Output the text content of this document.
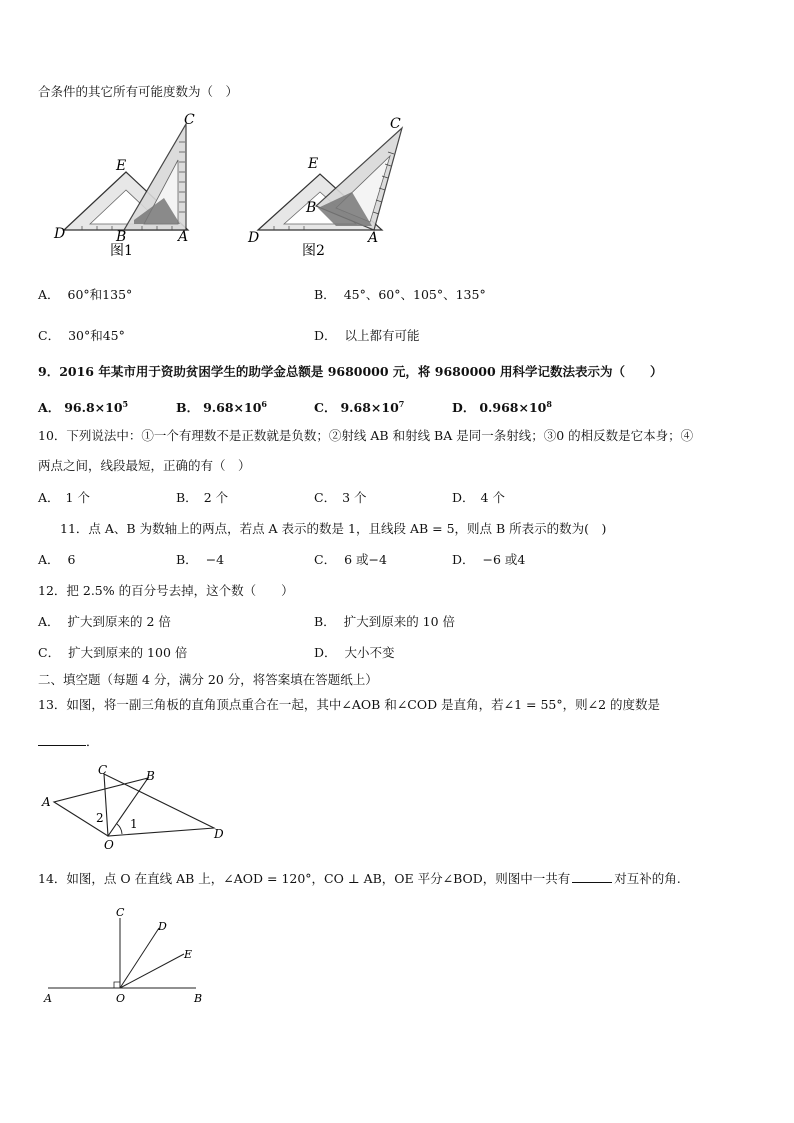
合条件的其它所有可能度数为（　）
C
E
D	B	A
图1
C
E
D
B
A
图2
A． 60°和135°	B． 45°、60°、105°、135°
C． 30°和45°	D． 以上都有可能
9．2016 年某市用于资助贫困学生的助学金总额是 9680000 元，将 9680000 用科学记数法表示为（　　）
A． $96.8\times 10^5$	B． $9.68\times 10^6$	C． $9.68\times 10^7$	D． $0.968\times 10^8$
10．下列说法中：①一个有理数不是正数就是负数；②射线 AB 和射线 BA 是同一条射线；③0 的相反数是它本身；④
两点之间，线段最短，正确的有（　）
A． 1 个	B． 2 个	C． 3 个	D． 4 个
11．点 A、B 为数轴上的两点，若点 A 表示的数是 1，且线段 AB = 5，则点 B 所表示的数为(　)
A． 6	B． −4	C． 6 或−4	D． −6 或4
12．把 2.5% 的百分号去掉，这个数（　　）
A． 扩大到原来的 2 倍	B． 扩大到原来的 10 倍
C． 扩大到原来的 100 倍	D． 大小不变
二、填空题（每题 4 分，满分 20 分，将答案填在答题纸上）
13．如图，将一副三角板的直角顶点重合在一起，其中∠AOB 和∠COD 是直角，若∠1 = 55°，则∠2 的度数是
．
C	B
A
D
O
2 1
14．如图，点 O 在直线 AB 上，∠AOD = 120°，CO ⊥ AB，OE 平分∠BOD，则图中一共有	对互补的角.
C
D
E
A	O	B
